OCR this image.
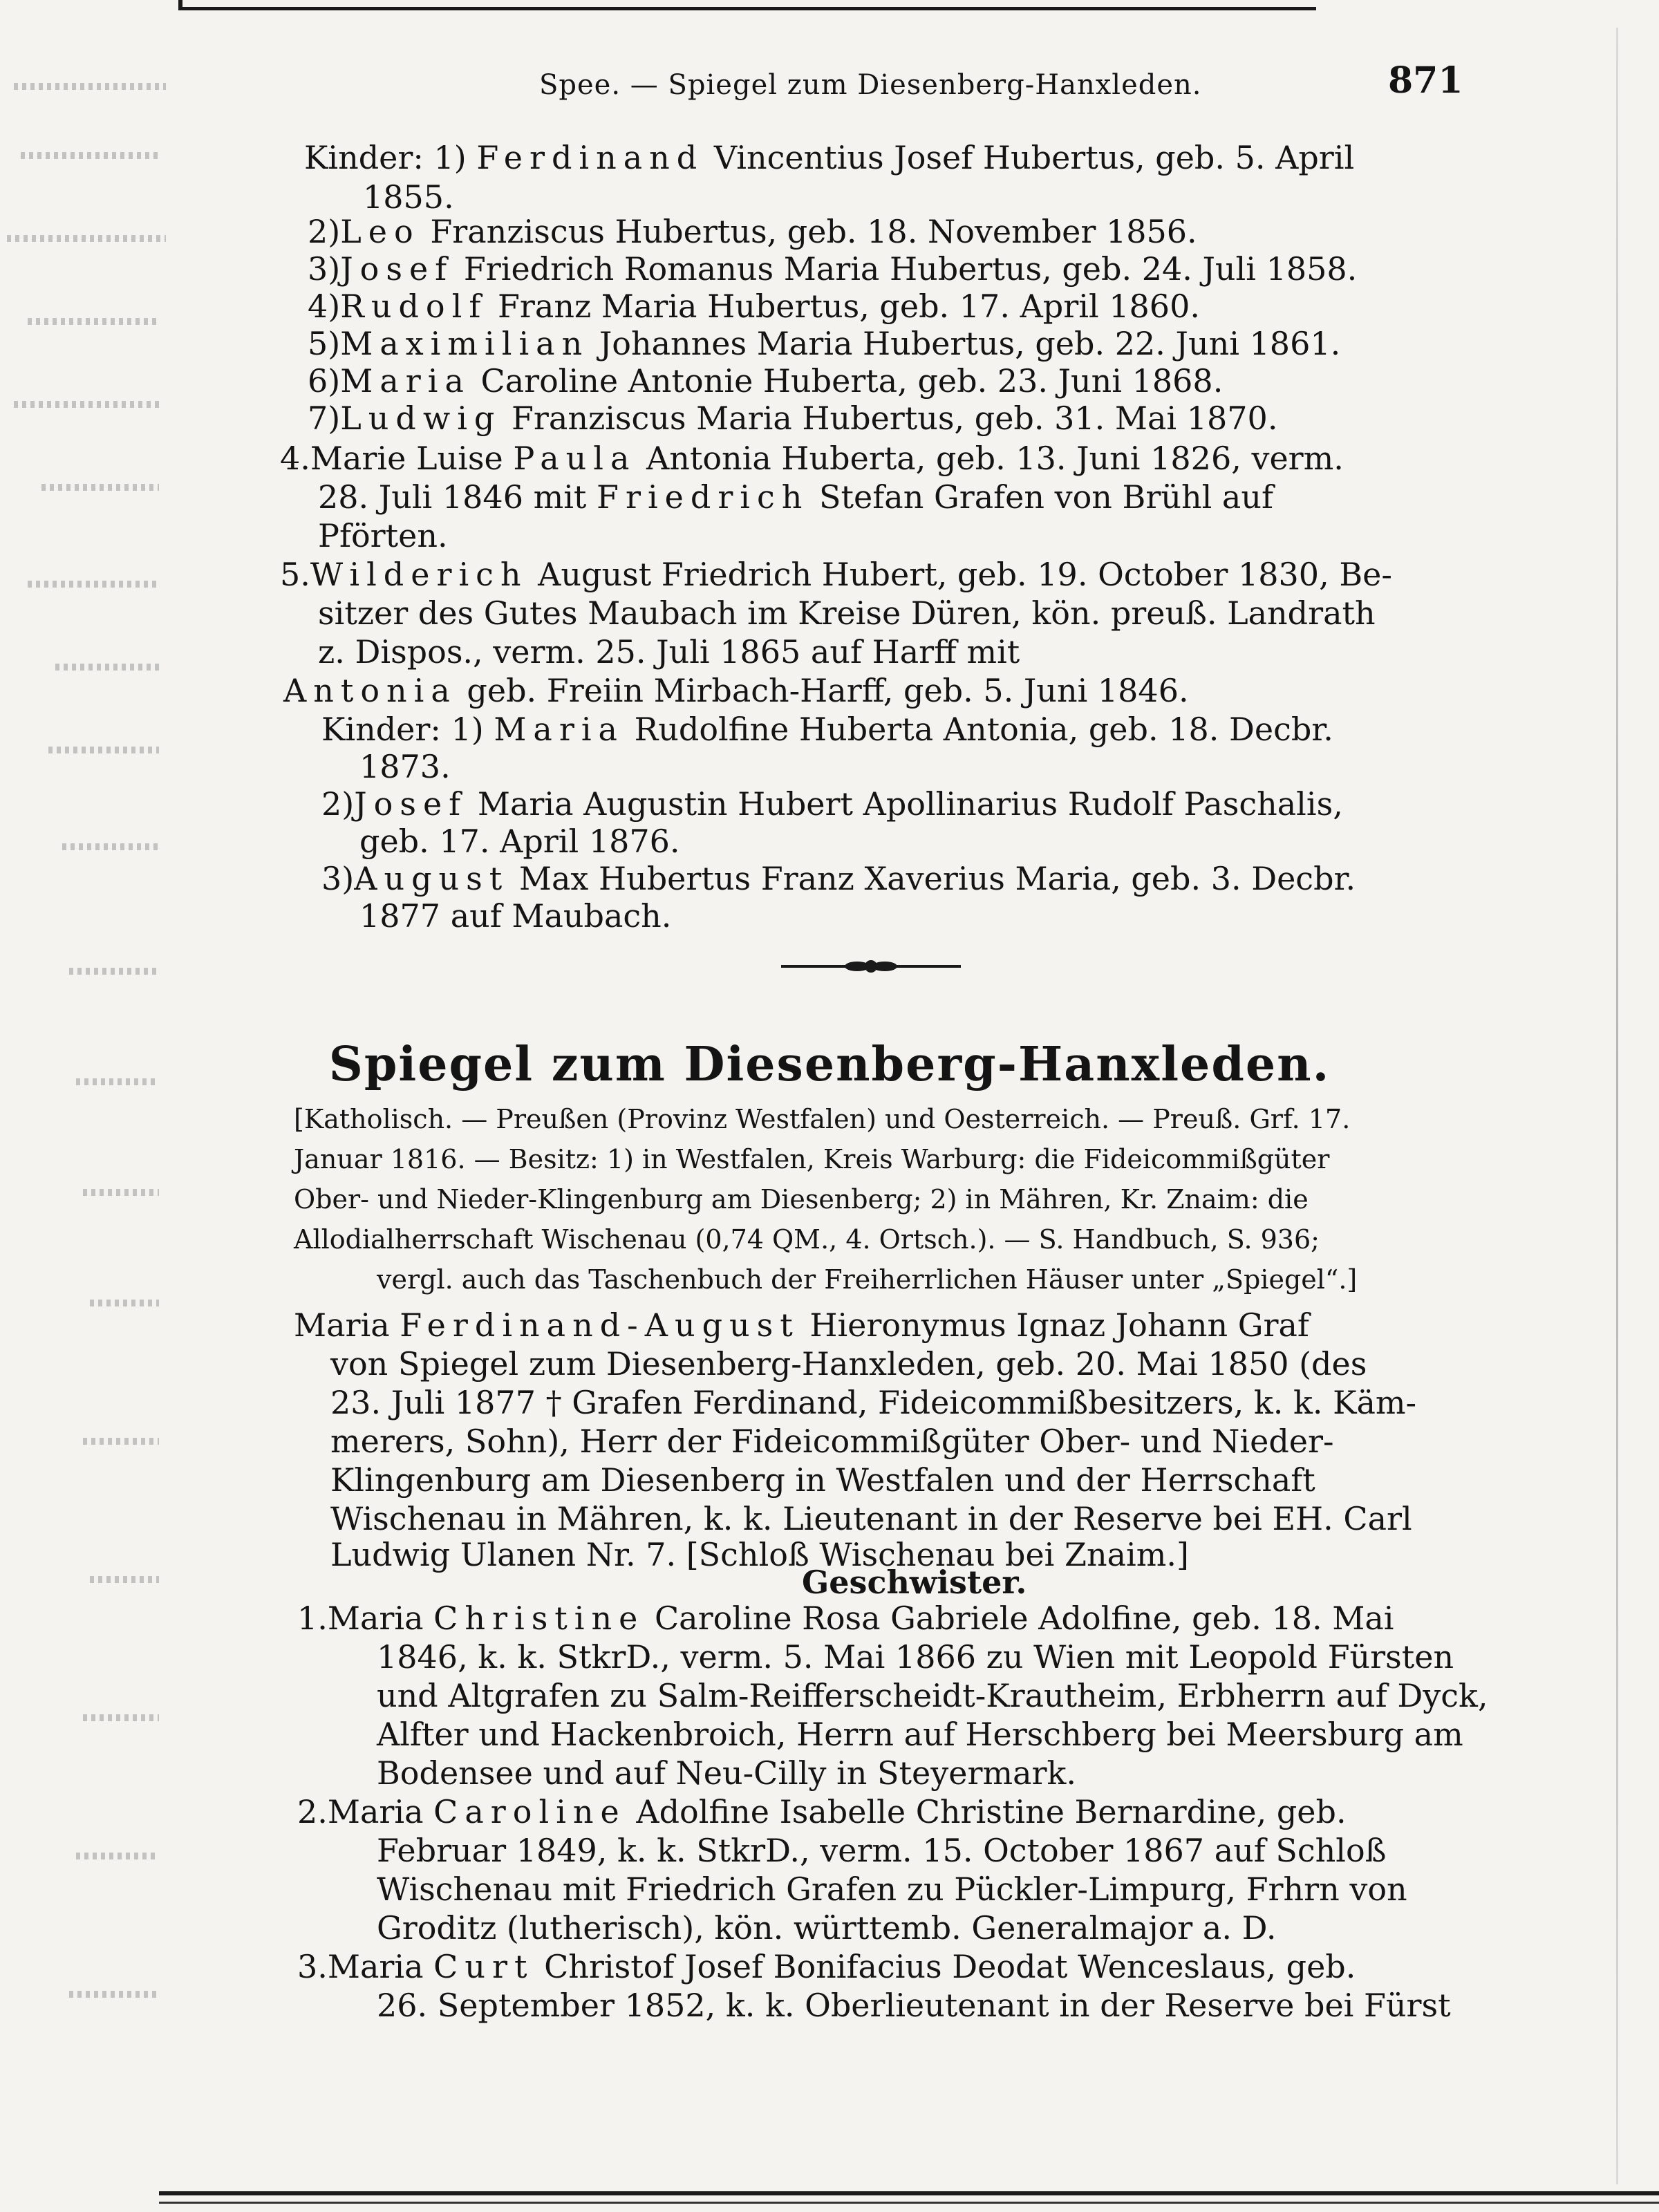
Spee. — Spiegel zum Diesenberg-Hanxleden.	871
Kinder: 1) Ferdinand Vincentius Josef Hubertus, geb. 5. April
1855.
2)Leo Franziscus Hubertus, geb. 18. November 1856.
3)Josef Friedrich Romanus Maria Hubertus, geb. 24. Juli 1858.
4)Rudolf Franz Maria Hubertus, geb. 17. April 1860.
5)Maximilian Johannes Maria Hubertus, geb. 22. Juni 1861.
6)Maria Caroline Antonie Huberta, geb. 23. Juni 1868.
7)Ludwig Franziscus Maria Hubertus, geb. 31. Mai 1870.
4.Marie Luise Paula Antonia Huberta, geb. 13. Juni 1826, verm.
28. Juli 1846 mit Friedrich Stefan Grafen von Brühl auf
Pförten.
5.Wilderich August Friedrich Hubert, geb. 19. October 1830, Be-
sitzer des Gutes Maubach im Kreise Düren, kön. preuß. Landrath
z. Dispos., verm. 25. Juli 1865 auf Harff mit
Antonia geb. Freiin Mirbach-Harff, geb. 5. Juni 1846.
Kinder: 1) Maria Rudolfine Huberta Antonia, geb. 18. Decbr.
1873.
2)Josef Maria Augustin Hubert Apollinarius Rudolf Paschalis,
geb. 17. April 1876.
3)August Max Hubertus Franz Xaverius Maria, geb. 3. Decbr.
1877 auf Maubach.
Spiegel zum Diesenberg-Hanxleden.
[Katholisch. — Preußen (Provinz Westfalen) und Oesterreich. — Preuß. Grf. 17.
Januar 1816. — Besitz: 1) in Westfalen, Kreis Warburg: die Fideicommißgüter
Ober- und Nieder-Klingenburg am Diesenberg; 2) in Mähren, Kr. Znaim: die
Allodialherrschaft Wischenau (0,74 QM., 4. Ortsch.). — S. Handbuch, S. 936;
vergl. auch das Taschenbuch der Freiherrlichen Häuser unter „Spiegel“.]
Maria Ferdinand-August Hieronymus Ignaz Johann Graf
von Spiegel zum Diesenberg-Hanxleden, geb. 20. Mai 1850 (des
23. Juli 1877 † Grafen Ferdinand, Fideicommißbesitzers, k. k. Käm-
merers, Sohn), Herr der Fideicommißgüter Ober- und Nieder-
Klingenburg am Diesenberg in Westfalen und der Herrschaft
Wischenau in Mähren, k. k. Lieutenant in der Reserve bei EH. Carl
Ludwig Ulanen Nr. 7. [Schloß Wischenau bei Znaim.]
Geschwister.
1.Maria Christine Caroline Rosa Gabriele Adolfine, geb. 18. Mai
1846, k. k. StkrD., verm. 5. Mai 1866 zu Wien mit Leopold Fürsten
und Altgrafen zu Salm-Reifferscheidt-Krautheim, Erbherrn auf Dyck,
Alfter und Hackenbroich, Herrn auf Herschberg bei Meersburg am
Bodensee und auf Neu-Cilly in Steyermark.
2.Maria Caroline Adolfine Isabelle Christine Bernardine, geb.
Februar 1849, k. k. StkrD., verm. 15. October 1867 auf Schloß
Wischenau mit Friedrich Grafen zu Pückler-Limpurg, Frhrn von
Groditz (lutherisch), kön. württemb. Generalmajor a. D.
3.Maria Curt Christof Josef Bonifacius Deodat Wenceslaus, geb.
26. September 1852, k. k. Oberlieutenant in der Reserve bei Fürst
